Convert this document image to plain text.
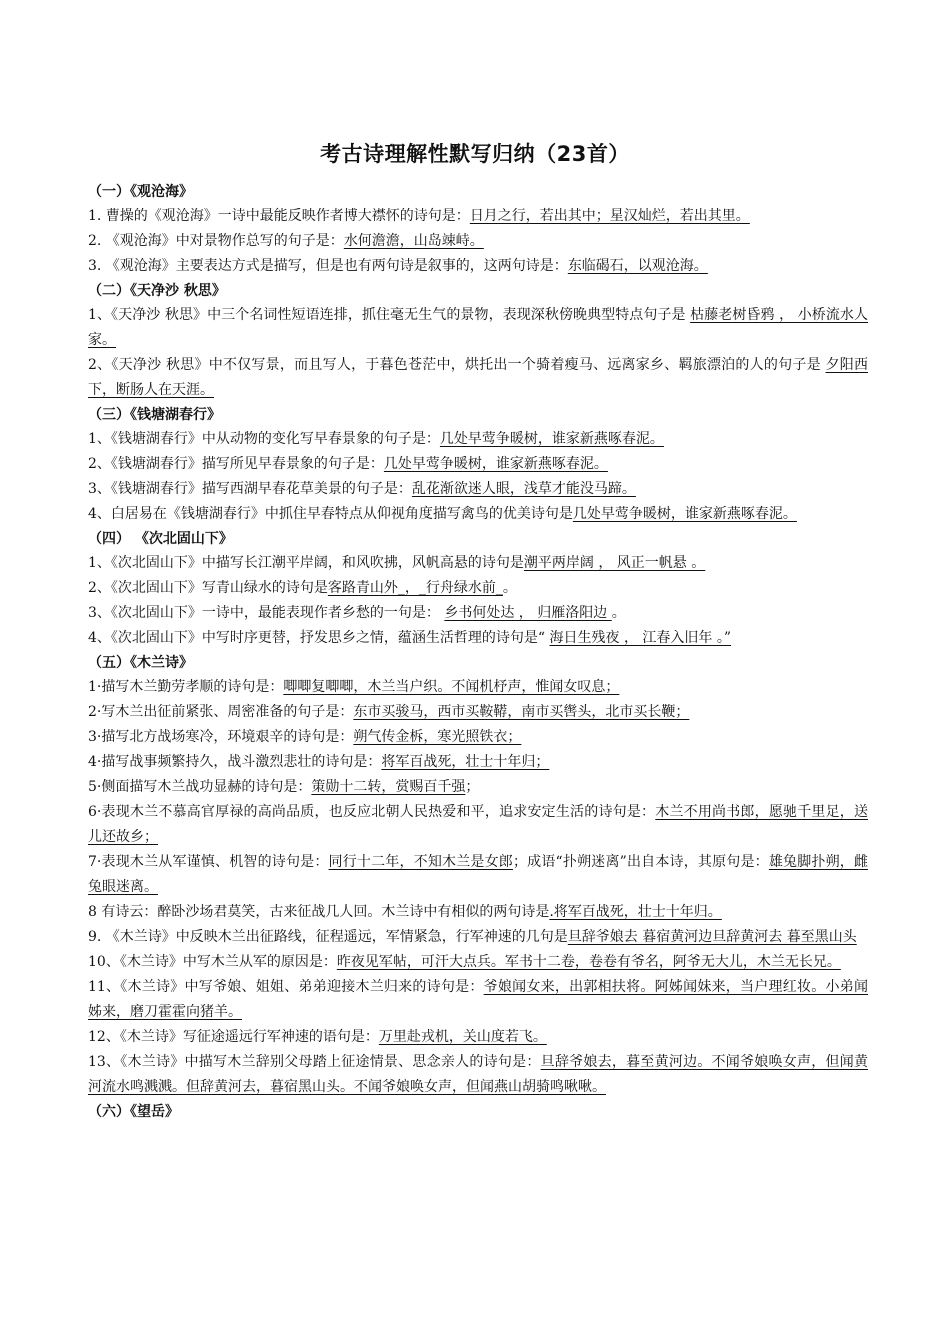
考古诗理解性默写归纳（23首）
（一）《观沧海》

1. 曹操的《观沧海》一诗中最能反映作者博大襟怀的诗句是：日月之行，若出其中；星汉灿烂，若出其里。

2. 《观沧海》中对景物作总写的句子是：水何澹澹，山岛竦峙。

3. 《观沧海》主要表达方式是描写，但是也有两句诗是叙事的，这两句诗是：东临碣石，以观沧海。

（二）《天净沙 秋思》

1、《天净沙 秋思》中三个名词性短语连排，抓住毫无生气的景物，表现深秋傍晚典型特点句子是 枯藤老树昏鸦 ， 小桥流水人家。

2、《天净沙 秋思》中不仅写景，而且写人，于暮色苍茫中，烘托出一个骑着瘦马、远离家乡、羁旅漂泊的人的句子是 夕阳西下，断肠人在天涯。

（三）《钱塘湖春行》

1、《钱塘湖春行》中从动物的变化写早春景象的句子是：几处早莺争暖树，谁家新燕啄春泥。

2、《钱塘湖春行》描写所见早春景象的句子是：几处早莺争暖树，谁家新燕啄春泥。

3、《钱塘湖春行》描写西湖早春花草美景的句子是：乱花渐欲迷人眼，浅草才能没马蹄。

4、白居易在《钱塘湖春行》中抓住早春特点从仰视角度描写禽鸟的优美诗句是几处早莺争暖树，谁家新燕啄春泥。

（四） 《次北固山下》

1、《次北固山下》中描写长江潮平岸阔，和风吹拂，风帆高悬的诗句是潮平两岸阔 ， 风正一帆悬 。

2、《次北固山下》写青山绿水的诗句是客路青山外_，_行舟绿水前_。

3、《次北固山下》一诗中，最能表现作者乡愁的一句是： 乡书何处达 ， 归雁洛阳边 。

4、《次北固山下》中写时序更替，抒发思乡之情，蕴涵生活哲理的诗句是“ 海日生残夜 ， 江春入旧年 。”

（五）《木兰诗》

1·描写木兰勤劳孝顺的诗句是：唧唧复唧唧，木兰当户织。不闻机杼声，惟闻女叹息；

2·写木兰出征前紧张、周密准备的句子是：东市买骏马，西市买鞍鞯，南市买辔头，北市买长鞭；

3·描写北方战场寒冷，环境艰辛的诗句是：朔气传金柝，寒光照铁衣；

4·描写战事频繁持久，战斗激烈悲壮的诗句是：将军百战死，壮士十年归；

5·侧面描写木兰战功显赫的诗句是：策勋十二转，赏赐百千强；

6·表现木兰不慕高官厚禄的高尚品质，也反应北朝人民热爱和平，追求安定生活的诗句是：木兰不用尚书郎，愿驰千里足，送儿还故乡；

7·表现木兰从军谨慎、机智的诗句是：同行十二年，不知木兰是女郎；成语“扑朔迷离”出自本诗，其原句是：雄兔脚扑朔，雌兔眼迷离。

8 有诗云：醉卧沙场君莫笑，古来征战几人回。木兰诗中有相似的两句诗是.将军百战死，壮士十年归。

9. 《木兰诗》中反映木兰出征路线，征程遥远，军情紧急，行军神速的几句是旦辞爷娘去 暮宿黄河边旦辞黄河去 暮至黑山头

10、《木兰诗》中写木兰从军的原因是：昨夜见军帖，可汗大点兵。军书十二卷，卷卷有爷名，阿爷无大儿，木兰无长兄。

11、《木兰诗》中写爷娘、姐姐、弟弟迎接木兰归来的诗句是：爷娘闻女来，出郭相扶将。阿姊闻妹来，当户理红妆。小弟闻姊来，磨刀霍霍向猪羊。

12、《木兰诗》写征途遥远行军神速的语句是：万里赴戎机，关山度若飞。

13、《木兰诗》中描写木兰辞别父母踏上征途情景、思念亲人的诗句是：旦辞爷娘去，暮至黄河边。不闻爷娘唤女声，但闻黄河流水鸣溅溅。但辞黄河去，暮宿黑山头。不闻爷娘唤女声，但闻燕山胡骑鸣啾啾。

（六）《望岳》
